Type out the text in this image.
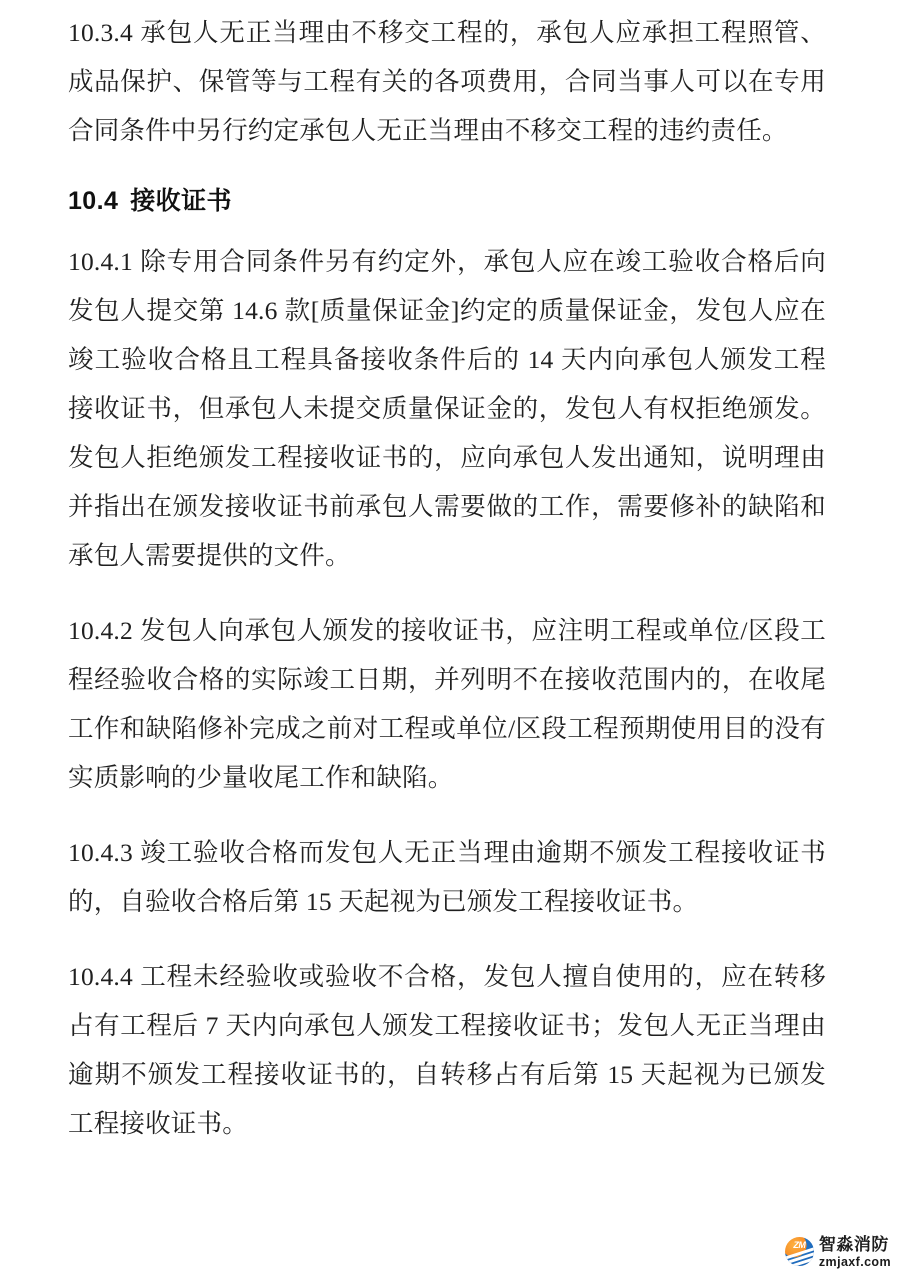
10.3.4 承包人无正当理由不移交工程的，承包人应承担工程照管、成品保护、保管等与工程有关的各项费用，合同当事人可以在专用合同条件中另行约定承包人无正当理由不移交工程的违约责任。

10.4 接收证书

10.4.1 除专用合同条件另有约定外，承包人应在竣工验收合格后向发包人提交第 14.6 款[质量保证金]约定的质量保证金，发包人应在竣工验收合格且工程具备接收条件后的 14 天内向承包人颁发工程接收证书，但承包人未提交质量保证金的，发包人有权拒绝颁发。发包人拒绝颁发工程接收证书的，应向承包人发出通知，说明理由并指出在颁发接收证书前承包人需要做的工作，需要修补的缺陷和承包人需要提供的文件。

10.4.2 发包人向承包人颁发的接收证书，应注明工程或单位/区段工程经验收合格的实际竣工日期，并列明不在接收范围内的，在收尾工作和缺陷修补完成之前对工程或单位/区段工程预期使用目的没有实质影响的少量收尾工作和缺陷。

10.4.3 竣工验收合格而发包人无正当理由逾期不颁发工程接收证书的，自验收合格后第 15 天起视为已颁发工程接收证书。

10.4.4 工程未经验收或验收不合格，发包人擅自使用的，应在转移占有工程后 7 天内向承包人颁发工程接收证书；发包人无正当理由逾期不颁发工程接收证书的，自转移占有后第 15 天起视为已颁发工程接收证书。

ZM 智淼消防
zmjaxf.com
